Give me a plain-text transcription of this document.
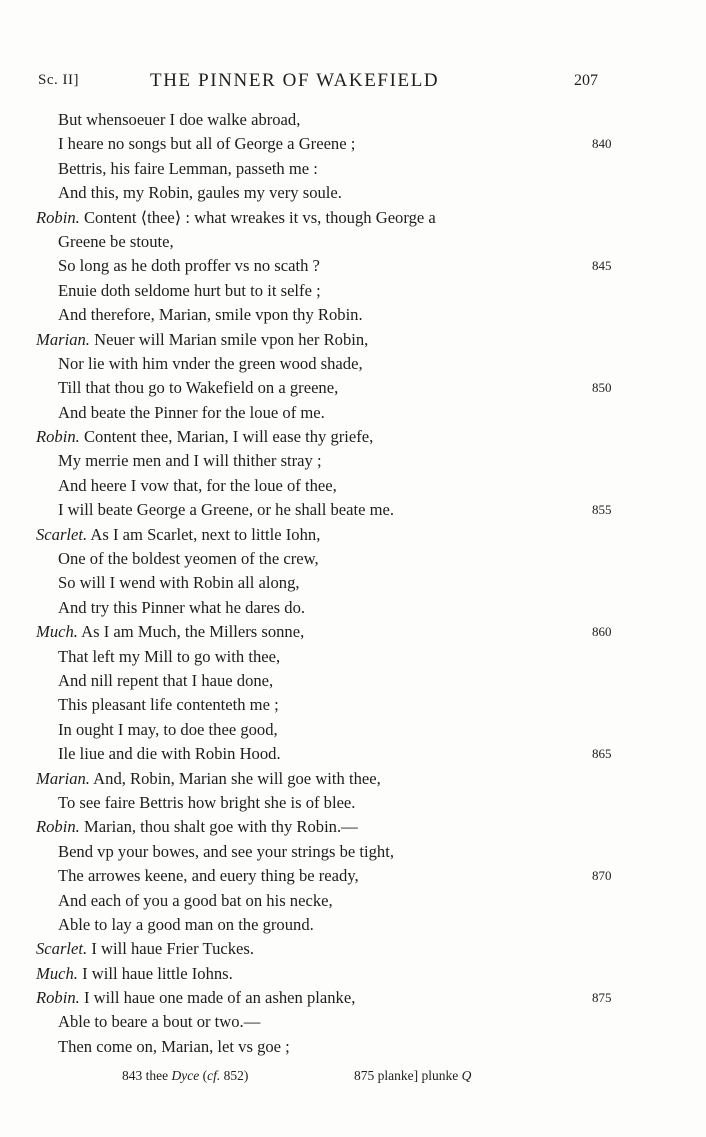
Sc. II]	THE PINNER OF WAKEFIELD	207
But whensoeuer I doe walke abroad,
I heare no songs but all of George a Greene ;	840
Bettris, his faire Lemman, passeth me :
And this, my Robin, gaules my very soule.
Robin. Content ⟨thee⟩ : what wreakes it vs, though George a
Greene be stoute,
So long as he doth proffer vs no scath ?	845
Enuie doth seldome hurt but to it selfe ;
And therefore, Marian, smile vpon thy Robin.
Marian. Neuer will Marian smile vpon her Robin,
Nor lie with him vnder the green wood shade,
Till that thou go to Wakefield on a greene,	850
And beate the Pinner for the loue of me.
Robin. Content thee, Marian, I will ease thy griefe,
My merrie men and I will thither stray ;
And heere I vow that, for the loue of thee,
I will beate George a Greene, or he shall beate me.	855
Scarlet. As I am Scarlet, next to little Iohn,
One of the boldest yeomen of the crew,
So will I wend with Robin all along,
And try this Pinner what he dares do.
Much. As I am Much, the Millers sonne,	860
That left my Mill to go with thee,
And nill repent that I haue done,
This pleasant life contenteth me ;
In ought I may, to doe thee good,
Ile liue and die with Robin Hood.	865
Marian. And, Robin, Marian she will goe with thee,
To see faire Bettris how bright she is of blee.
Robin. Marian, thou shalt goe with thy Robin.—
Bend vp your bowes, and see your strings be tight,
The arrowes keene, and euery thing be ready,	870
And each of you a good bat on his necke,
Able to lay a good man on the ground.
Scarlet. I will haue Frier Tuckes.
Much. I will haue little Iohns.
Robin. I will haue one made of an ashen planke,	875
Able to beare a bout or two.—
Then come on, Marian, let vs goe ;
843 thee Dyce (cf. 852)	875 planke] plunke Q
